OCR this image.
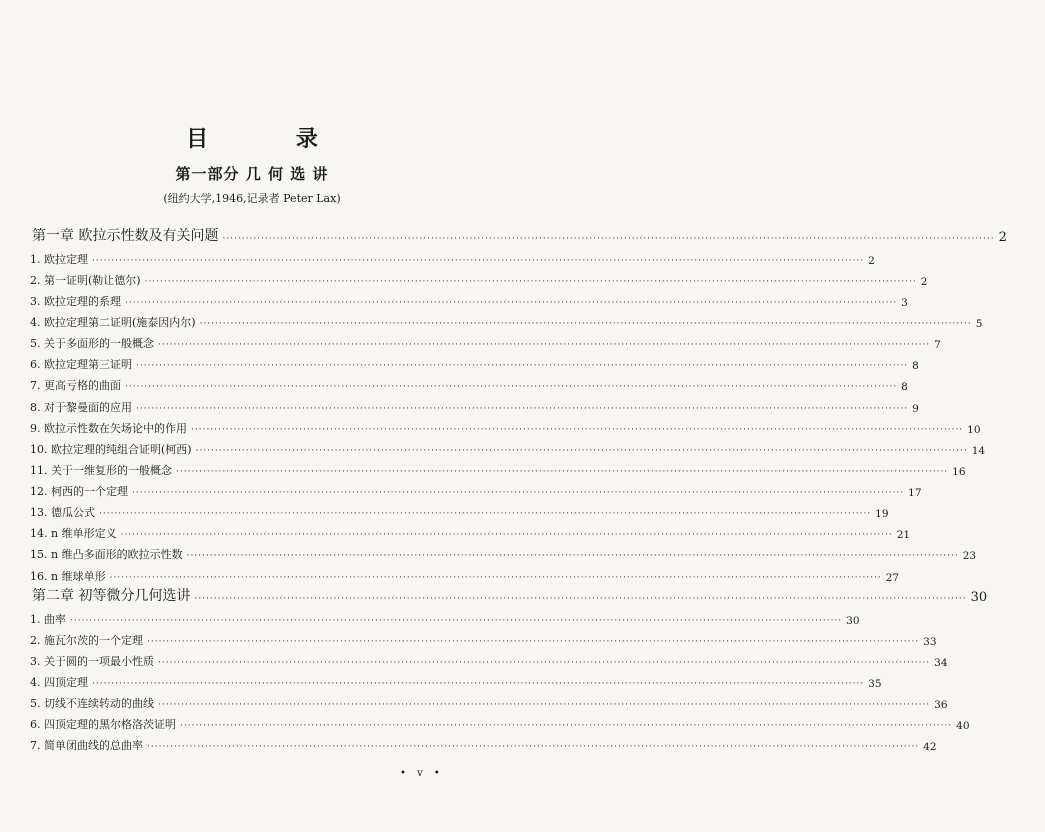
目 录
第一部分 几 何 选 讲
(纽约大学,1946,记录者 Peter Lax)
第一章 欧拉示性数及有关问题 ········································································································································································································ 2
1. 欧拉定理 ········································································································································································································ 2
2. 第一证明(勒让德尔) ········································································································································································································ 2
3. 欧拉定理的系理 ········································································································································································································ 3
4. 欧拉定理第二证明(施泰因内尔) ········································································································································································································ 5
5. 关于多面形的一般概念 ········································································································································································································ 7
6. 欧拉定理第三证明 ········································································································································································································ 8
7. 更高亏格的曲面 ········································································································································································································ 8
8. 对于黎曼面的应用 ········································································································································································································ 9
9. 欧拉示性数在矢场论中的作用 ········································································································································································································ 10
10. 欧拉定理的纯组合证明(柯西) ········································································································································································································ 14
11. 关于一维复形的一般概念 ········································································································································································································ 16
12. 柯西的一个定理 ········································································································································································································ 17
13. 德瓜公式 ········································································································································································································ 19
14. n 维单形定义 ········································································································································································································ 21
15. n 维凸多面形的欧拉示性数 ········································································································································································································ 23
16. n 维球单形 ········································································································································································································ 27
第二章 初等微分几何选讲 ········································································································································································································ 30
1. 曲率 ········································································································································································································ 30
2. 施瓦尔茨的一个定理 ········································································································································································································ 33
3. 关于圆的一项最小性质 ········································································································································································································ 34
4. 四顶定理 ········································································································································································································ 35
5. 切线不连续转动的曲线 ········································································································································································································ 36
6. 四顶定理的黑尔格洛茨证明 ········································································································································································································ 40
7. 简单闭曲线的总曲率 ········································································································································································································ 42
• v •
